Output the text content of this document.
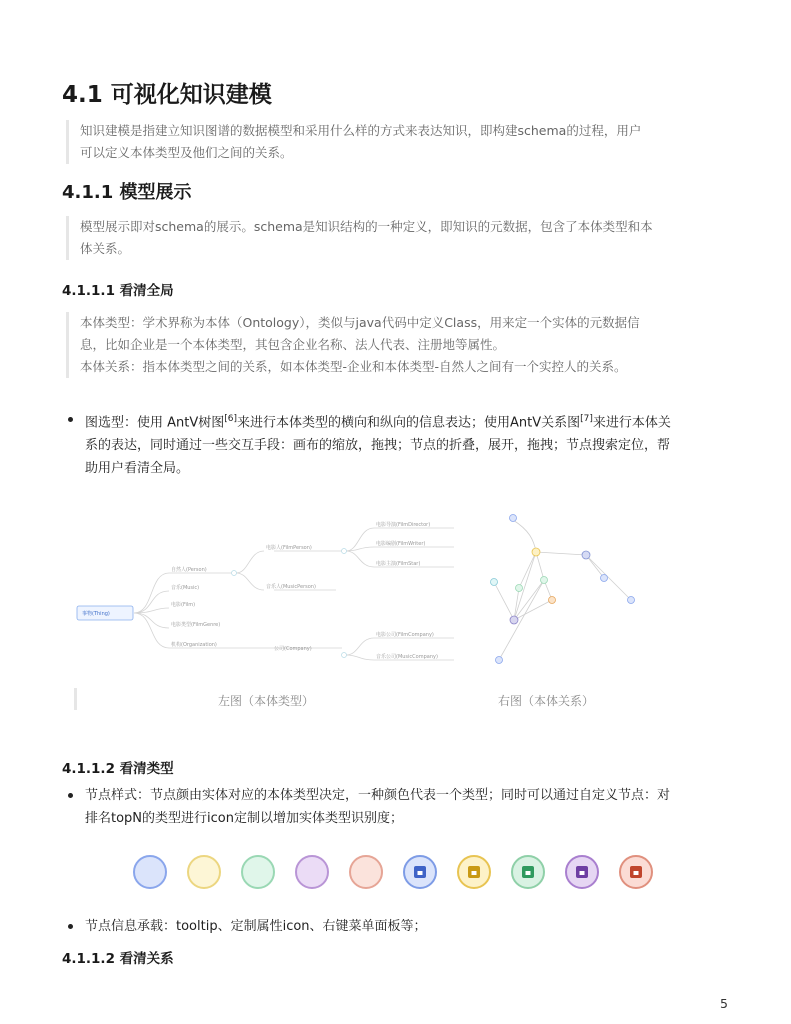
4.1 可视化知识建模

知识建模是指建立知识图谱的数据模型和采用什么样的方式来表达知识，即构建schema的过程，用户

可以定义本体类型及他们之间的关系。

4.1.1 模型展示

模型展示即对schema的展示。schema是知识结构的一种定义，即知识的元数据，包含了本体类型和本

体关系。

4.1.1.1 看清全局

本体类型：学术界称为本体（Ontology），类似与java代码中定义Class，用来定一个实体的元数据信

息，比如企业是一个本体类型，其包含企业名称、法人代表、注册地等属性。

本体关系：指本体类型之间的关系，如本体类型-企业和本体类型-自然人之间有一个实控人的关系。

图选型：使用 AntV树图[6]来进行本体类型的横向和纵向的信息表达；使用AntV关系图[7]来进行本体关
系的表达，同时通过一些交互手段：画布的缩放，拖拽；节点的折叠，展开，拖拽；节点搜索定位，帮
助用户看清全局。
事物(Thing)
自然人(Person)
音乐(Music)
电影(Film)
电影类型(FilmGenre)
机构(Organization)
电影人(FilmPerson)
音乐人(MusicPerson)
公司(Company)
电影导演(FilmDirector)
电影编剧(FilmWriter)
电影主演(FilmStar)
电影公司(FilmCompany)
音乐公司(MusicCompany)
左图（本体类型）	右图（本体关系）
4.1.1.2 看清类型
节点样式：节点颜由实体对应的本体类型决定，一种颜色代表一个类型；同时可以通过自定义节点：对
排名topN的类型进行icon定制以增加实体类型识别度；
节点信息承载：tooltip、定制属性icon、右键菜单面板等；
4.1.1.2 看清关系
5
